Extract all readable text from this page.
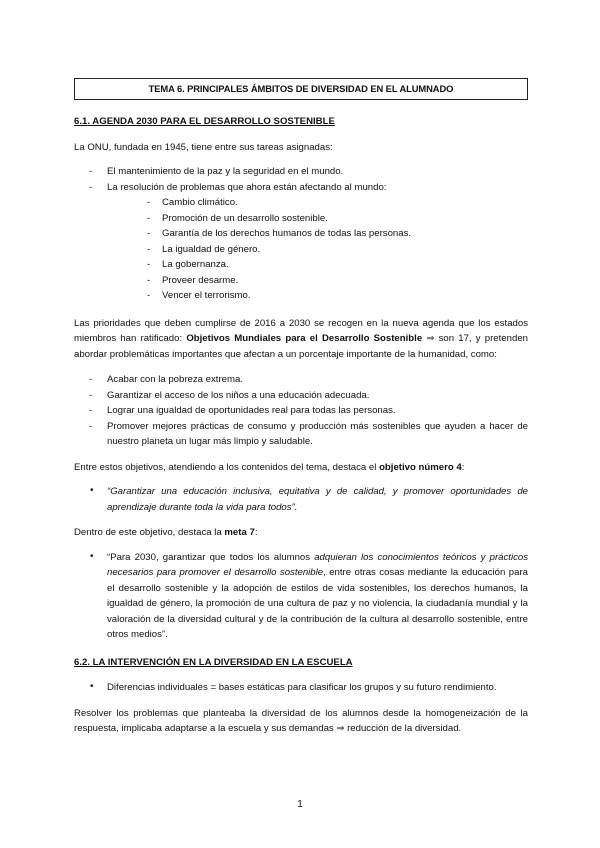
TEMA 6. PRINCIPALES ÁMBITOS DE DIVERSIDAD EN EL ALUMNADO
6.1. AGENDA 2030 PARA EL DESARROLLO SOSTENIBLE

La ONU, fundada en 1945, tiene entre sus tareas asignadas:

- El mantenimiento de la paz y la seguridad en el mundo.
- La resolución de problemas que ahora están afectando al mundo:
- Cambio climático.
- Promoción de un desarrollo sostenible.
- Garantía de los derechos humanos de todas las personas.
- La igualdad de género.
- La gobernanza.
- Proveer desarme.
- Vencer el terrorismo.

Las prioridades que deben cumplirse de 2016 a 2030 se recogen en la nueva agenda que los estados miembros han ratificado: Objetivos Mundiales para el Desarrollo Sostenible ⇒ son 17, y pretenden abordar problemáticas importantes que afectan a un porcentaje importante de la humanidad, como:

- Acabar con la pobreza extrema.
- Garantizar el acceso de los niños a una educación adecuada.
- Lograr una igualdad de oportunidades real para todas las personas.
- Promover mejores prácticas de consumo y producción más sostenibles que ayuden a hacer de nuestro planeta un lugar más limpio y saludable.

Entre estos objetivos, atendiendo a los contenidos del tema, destaca el objetivo número 4:

• “Garantizar una educación inclusiva, equitativa y de calidad, y promover oportunidades de aprendizaje durante toda la vida para todos”.

Dentro de este objetivo, destaca la meta 7:

• “Para 2030, garantizar que todos los alumnos adquieran los conocimientos teóricos y prácticos necesarios para promover el desarrollo sostenible, entre otras cosas mediante la educación para el desarrollo sostenible y la adopción de estilos de vida sostenibles, los derechos humanos, la igualdad de género, la promoción de una cultura de paz y no violencia, la ciudadanía mundial y la valoración de la diversidad cultural y de la contribución de la cultura al desarrollo sostenible, entre otros medios”.
6.2. LA INTERVENCIÓN EN LA DIVERSIDAD EN LA ESCUELA
• Diferencias individuales = bases estáticas para clasificar los grupos y su futuro rendimiento.

Resolver los problemas que planteaba la diversidad de los alumnos desde la homogeneización de la respuesta, implicaba adaptarse a la escuela y sus demandas ⇒ reducción de la diversidad.

1
